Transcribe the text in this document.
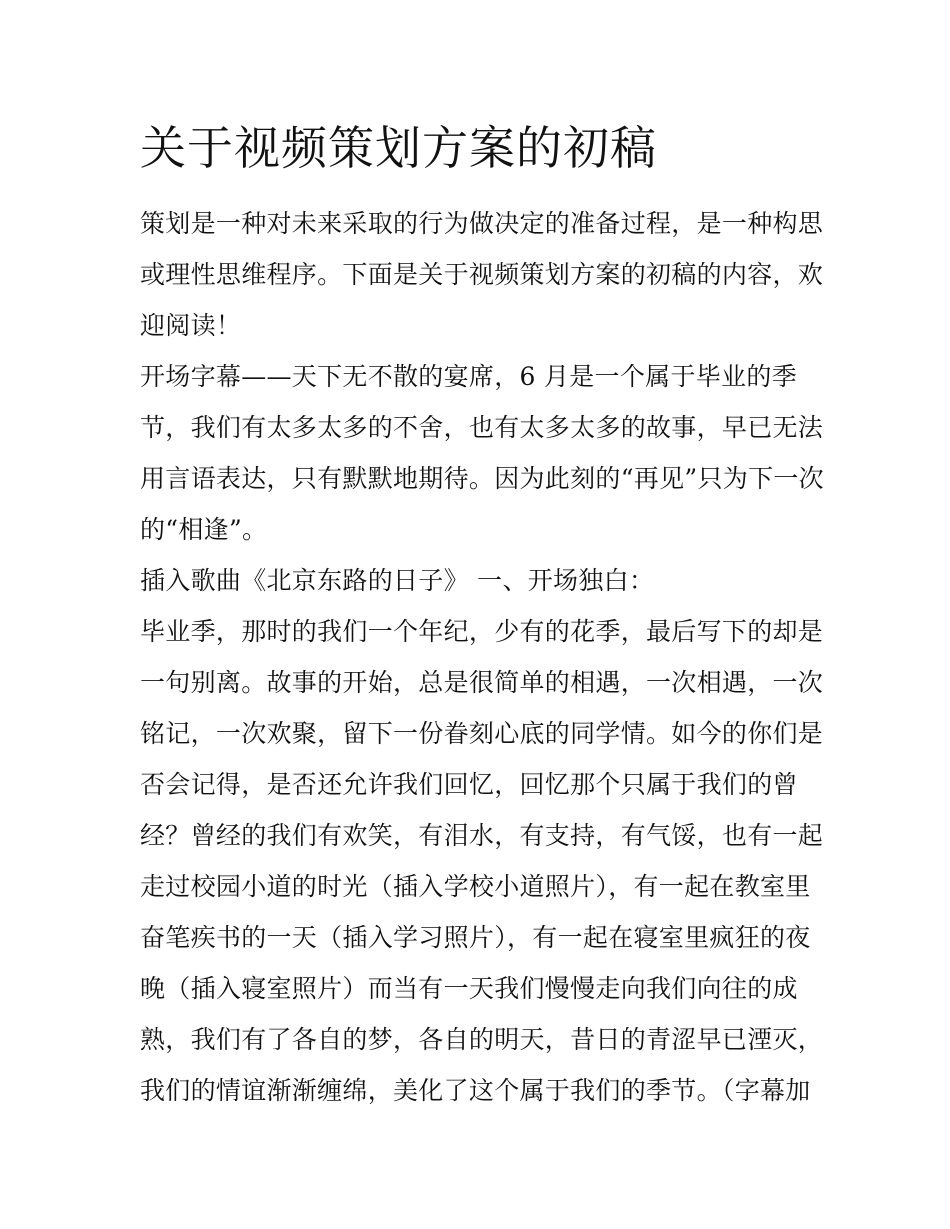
关于视频策划方案的初稿
策划是一种对未来采取的行为做决定的准备过程，是一种构思
或理性思维程序。下面是关于视频策划方案的初稿的内容，欢
迎阅读！
开场字幕——天下无不散的宴席，6 月是一个属于毕业的季
节，我们有太多太多的不舍，也有太多太多的故事，早已无法
用言语表达，只有默默地期待。因为此刻的“再见”只为下一次
的“相逢”。
插入歌曲《北京东路的日子》 一、开场独白：
毕业季，那时的我们一个年纪，少有的花季，最后写下的却是
一句别离。故事的开始，总是很简单的相遇，一次相遇，一次
铭记，一次欢聚，留下一份眷刻心底的同学情。如今的你们是
否会记得，是否还允许我们回忆，回忆那个只属于我们的曾
经？曾经的我们有欢笑，有泪水，有支持，有气馁，也有一起
走过校园小道的时光（插入学校小道照片），有一起在教室里
奋笔疾书的一天（插入学习照片），有一起在寝室里疯狂的夜
晚（插入寝室照片）而当有一天我们慢慢走向我们向往的成
熟，我们有了各自的梦，各自的明天，昔日的青涩早已湮灭，
我们的情谊渐渐缠绵，美化了这个属于我们的季节。（字幕加
